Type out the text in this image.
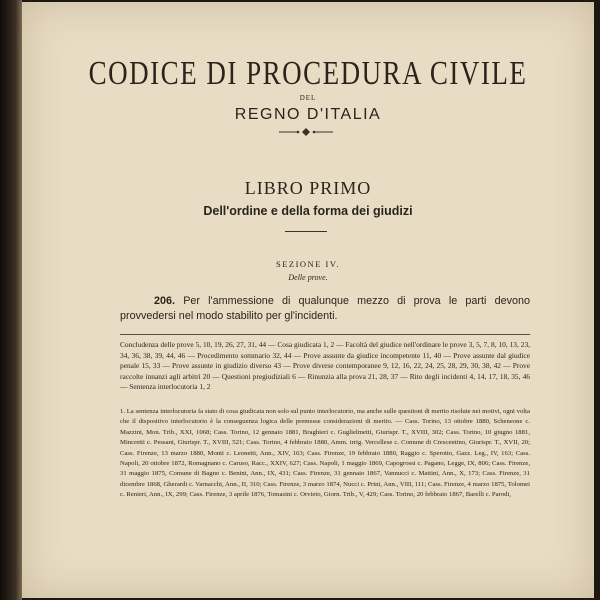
CODICE DI PROCEDURA CIVILE
DEL
REGNO D'ITALIA
LIBRO PRIMO
Dell'ordine e della forma dei giudizi
SEZIONE IV.
Delle prove.
206. Per l'ammessione di qualunque mezzo di prova le parti devono provvedersi nel modo stabilito per gl'incidenti.
Concludenza delle prove 5, 10, 19, 26, 27, 31, 44 — Cosa giudicata 1, 2 — Facoltà del giudice nell'ordinare le prove 3, 5, 7, 8, 10, 13, 23, 34, 36, 38, 39, 44, 46 — Procedimento sommario 32, 44 — Prove assunte da giudice incompetente 11, 40 — Prove assunte dal giudice penale 15, 33 — Prove assunte in giudizio diverso 43 — Prove diverse contemporanee 9, 12, 16, 22, 24, 25, 28, 29, 30, 38, 42 — Prove raccolte innanzi agli arbitri 20 — Questioni pregiudiziali 6 — Rinunzia alla prova 21, 28, 37 — Rito degli incidenti 4, 14, 17, 18, 35, 46 — Sentenza interlocutoria 1, 2

1. La sentenza interlocutoria fa stato di cosa giudicata non solo sul punto interlocutorio, ma anche sulle questioni di merito risolute nei motivi, ogni volta che il dispositivo interlocutorio è la conseguenza logica delle premesse considerazioni di merito. — Cass. Torino, 13 ottobre 1880, Scheneone c. Mazzini, Mon. Trib., XXI, 1068; Cass. Torino, 12 gennaio 1881, Braghieri c. Guglielmetti, Giurispr. T., XVIII, 302; Cass. Torino, 10 giugno 1881, Mincretti c. Pessani, Giurispr. T., XVIII, 521; Cass. Torino, 4 febbraio 1880, Amm. irrig. Vercellese c. Comune di Crescentino, Giurispr. T., XVII, 20; Cass. Firenze, 13 marzo 1880, Monti c. Leonetti, Ann., XIV, 163; Cass. Firenze, 19 febbraio 1880, Raggio c. Sperotto, Gazz. Leg., IV, 163; Cass. Napoli, 20 ottobre 1872, Romagnano c. Caruso, Racc., XXIV, 627; Cass. Napoli, 1 maggio 1869, Capogrossi c. Pagano, Legge, IX, 806; Cass. Firenze, 31 maggio 1875, Comune di Bagno c. Benini, Ann., IX, 431; Cass. Firenze, 31 gennaio 1867, Vannucci c. Mattini, Ann., X, 173; Cass. Firenze, 31 dicembre 1868, Gherardi c. Varnacchi, Ann., II, 310; Cass. Firenze, 3 marzo 1874, Nucci c. Prini, Ann., VIII, 111; Cass. Firenze, 4 marzo 1875, Tolomei c. Renieri, Ann., IX, 299; Cass. Firenze, 3 aprile 1876, Tomasini c. Orvieto, Giorn. Trib., V, 429; Cass. Torino, 20 febbraio 1867, Barelli c. Parodi,
